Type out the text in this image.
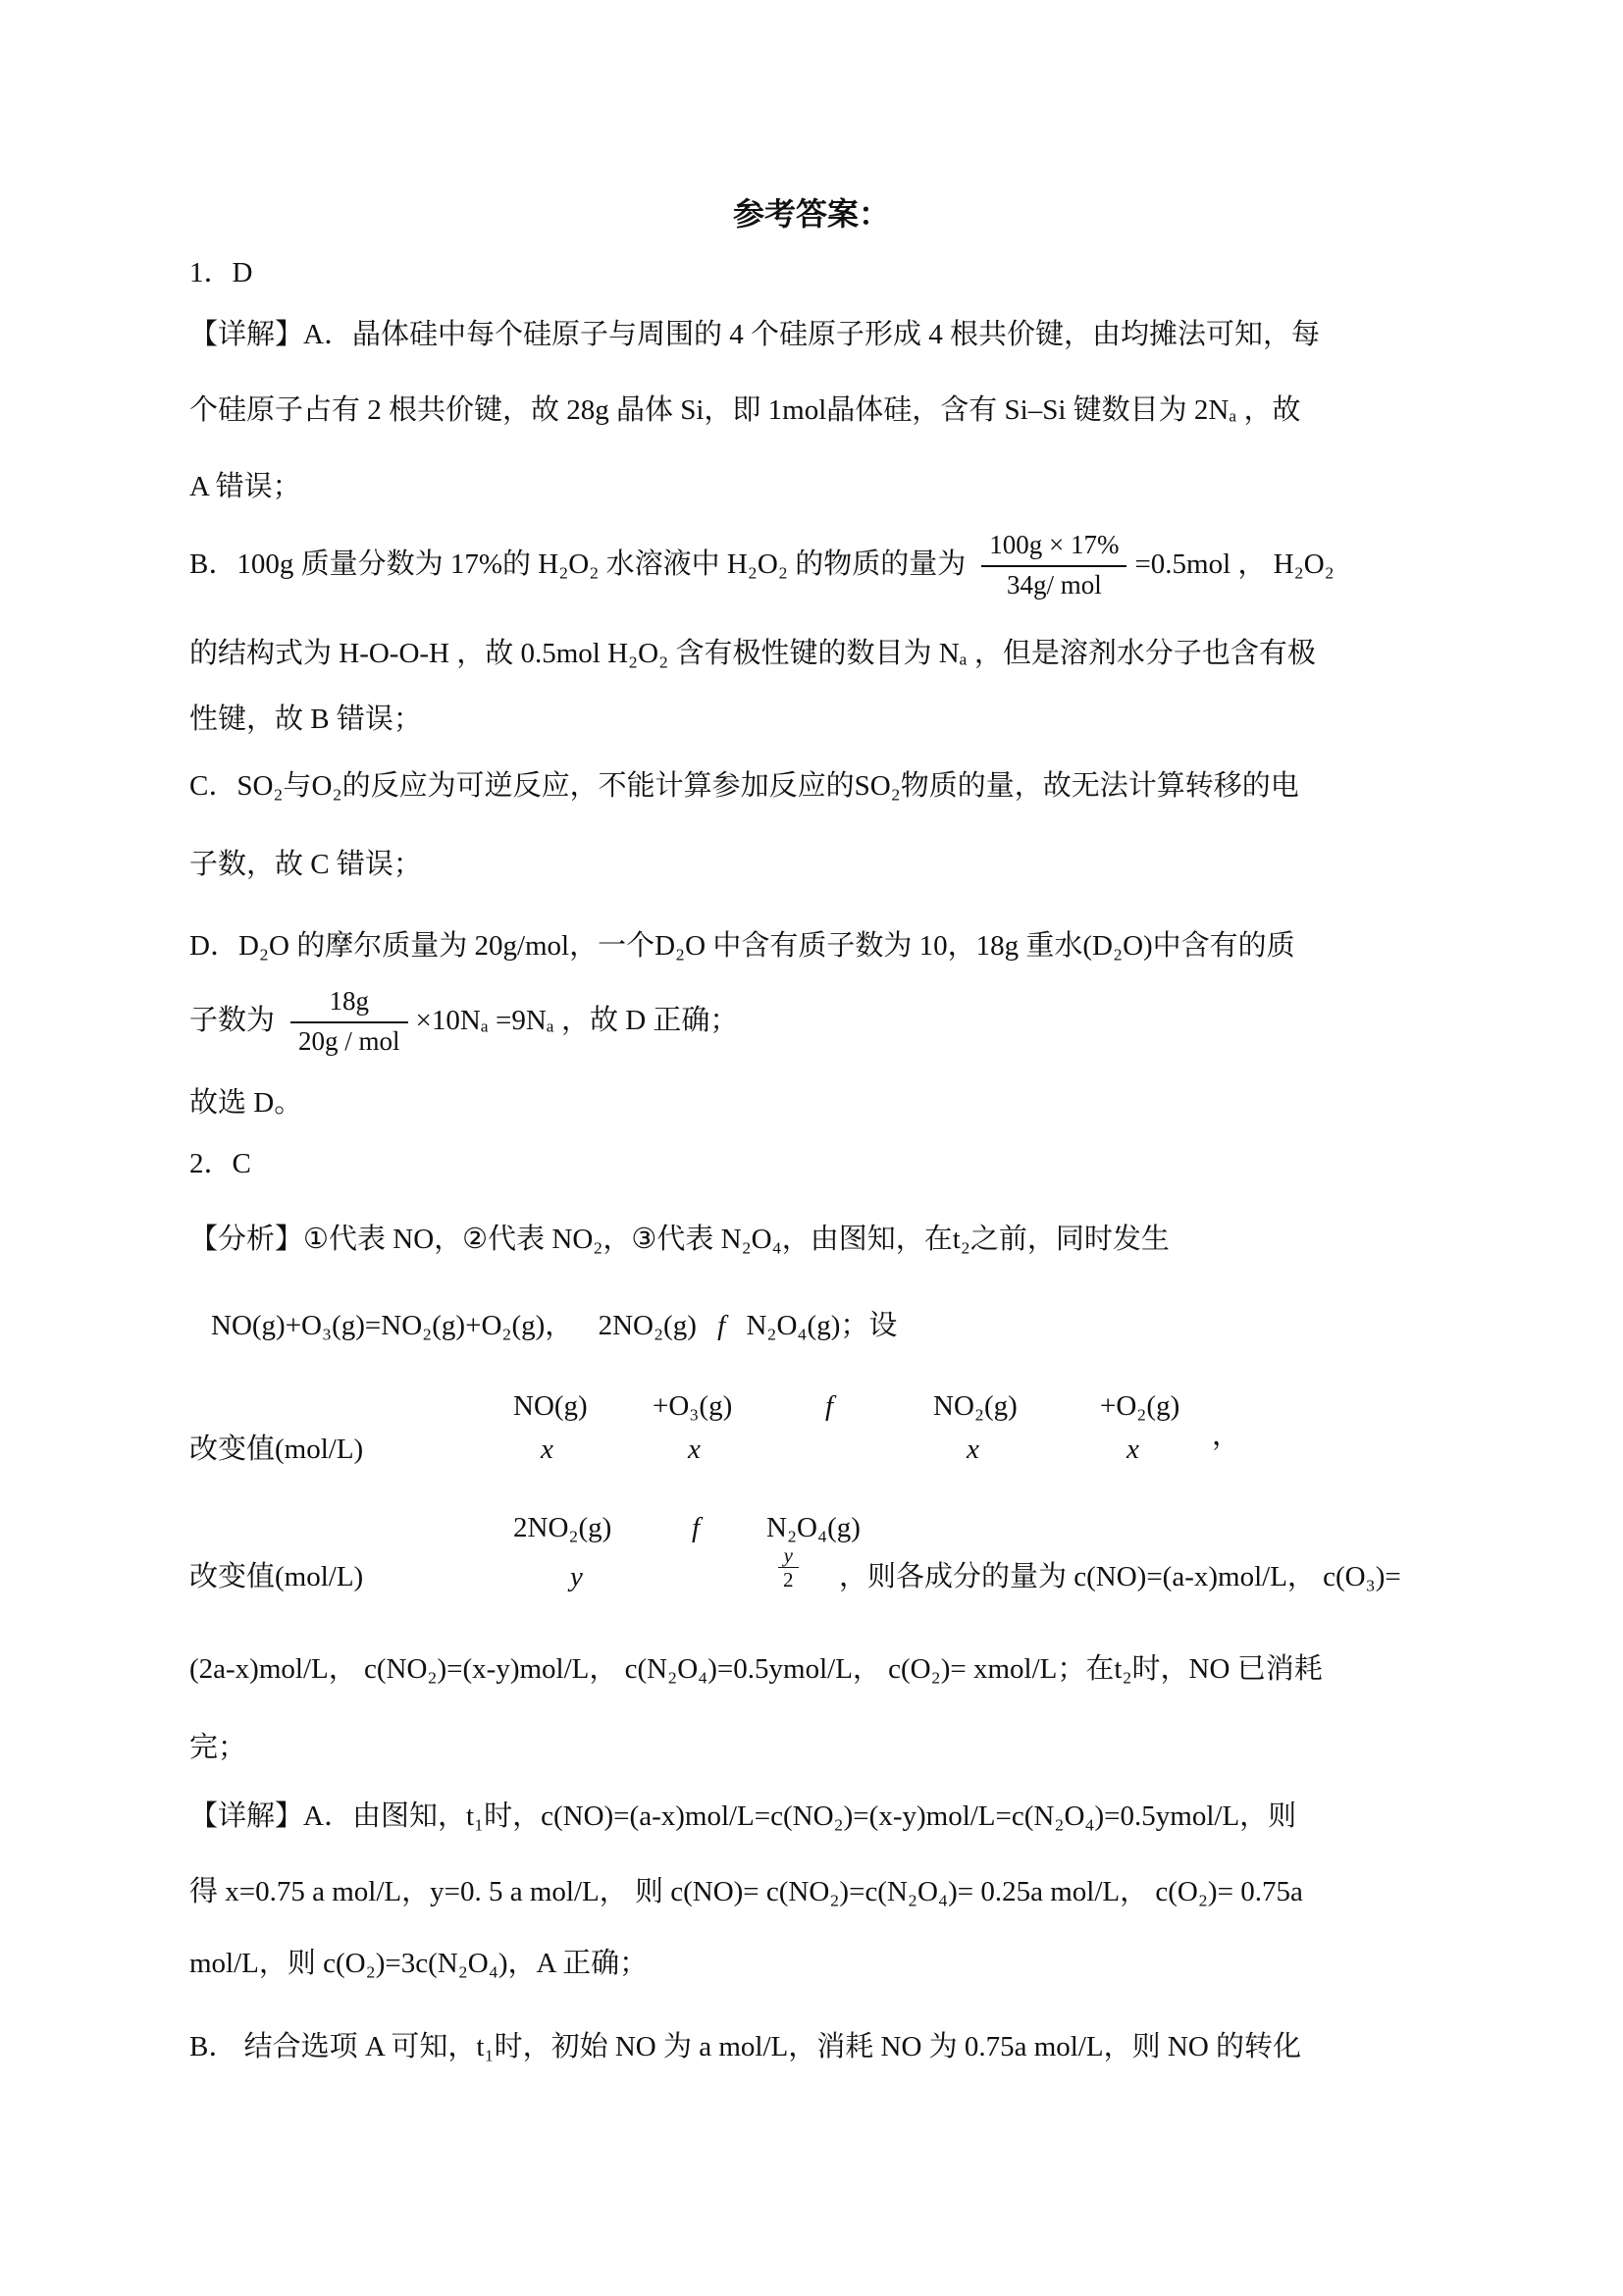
参考答案：
1．D
【详解】A．晶体硅中每个硅原子与周围的 4 个硅原子形成 4 根共价键，由均摊法可知，每
个硅原子占有 2 根共价键，故 28g 晶体 Si，即 1mol晶体硅，含有 Si–Si 键数目为 2Nₐ ，故
A 错误；
B．100g 质量分数为 17%的 H₂O₂ 水溶液中 H₂O₂ 的物质的量为 $\frac{100g \times 17\%}{\text{34g/ mol}} =0.5mol$ ， H₂O₂
的结构式为 H-O-O-H ，故 0.5mol H₂O₂ 含有极性键的数目为 Nₐ ，但是溶剂水分子也含有极
性键，故 B 错误；
C．SO₂与O₂的反应为可逆反应，不能计算参加反应的SO₂物质的量，故无法计算转移的电
子数，故 C 错误；
D．D₂O 的摩尔质量为 20g/mol，一个D₂O 中含有质子数为 10，18g 重水(D₂O)中含有的质
子数为 $\frac{18g}{\text{20g / mol}} \times 10N_a =9N_a$ ，故 D 正确；
故选 D。
2．C
【分析】①代表 NO，②代表 NO₂，③代表 N₂O₄，由图知，在t₂之前，同时发生
NO(g)+O₃(g)=NO₂(g)+O₂(g)， 2NO₂(g) f N₂O₄(g)；设
NO(g) +O₃(g)	f	NO₂(g)	+O₂(g)
改变值(mol/L)	x	x	x	x	，
2NO₂(g)	f N₂O₄(g)
改变值(mol/L)	y	$\frac{y}{2}$ ，则各成分的量为 c(NO)=(a-x)mol/L， c(O₃)=
(2a-x)mol/L， c(NO₂)=(x-y)mol/L， c(N₂O₄)=0.5ymol/L， c(O₂)= xmol/L；在t₂时，NO 已消耗
完；
【详解】A．由图知，t₁时，c(NO)=(a-x)mol/L=c(NO₂)=(x-y)mol/L=c(N₂O₄)=0.5ymol/L，则
得 x=0.75 a mol/L，y=0. 5 a mol/L， 则 c(NO)= c(NO₂)=c(N₂O₄)= 0.25a mol/L， c(O₂)= 0.75a
mol/L，则 c(O₂)=3c(N₂O₄)，A 正确；
B． 结合选项 A 可知，t₁时，初始 NO 为 a mol/L，消耗 NO 为 0.75a mol/L，则 NO 的转化
